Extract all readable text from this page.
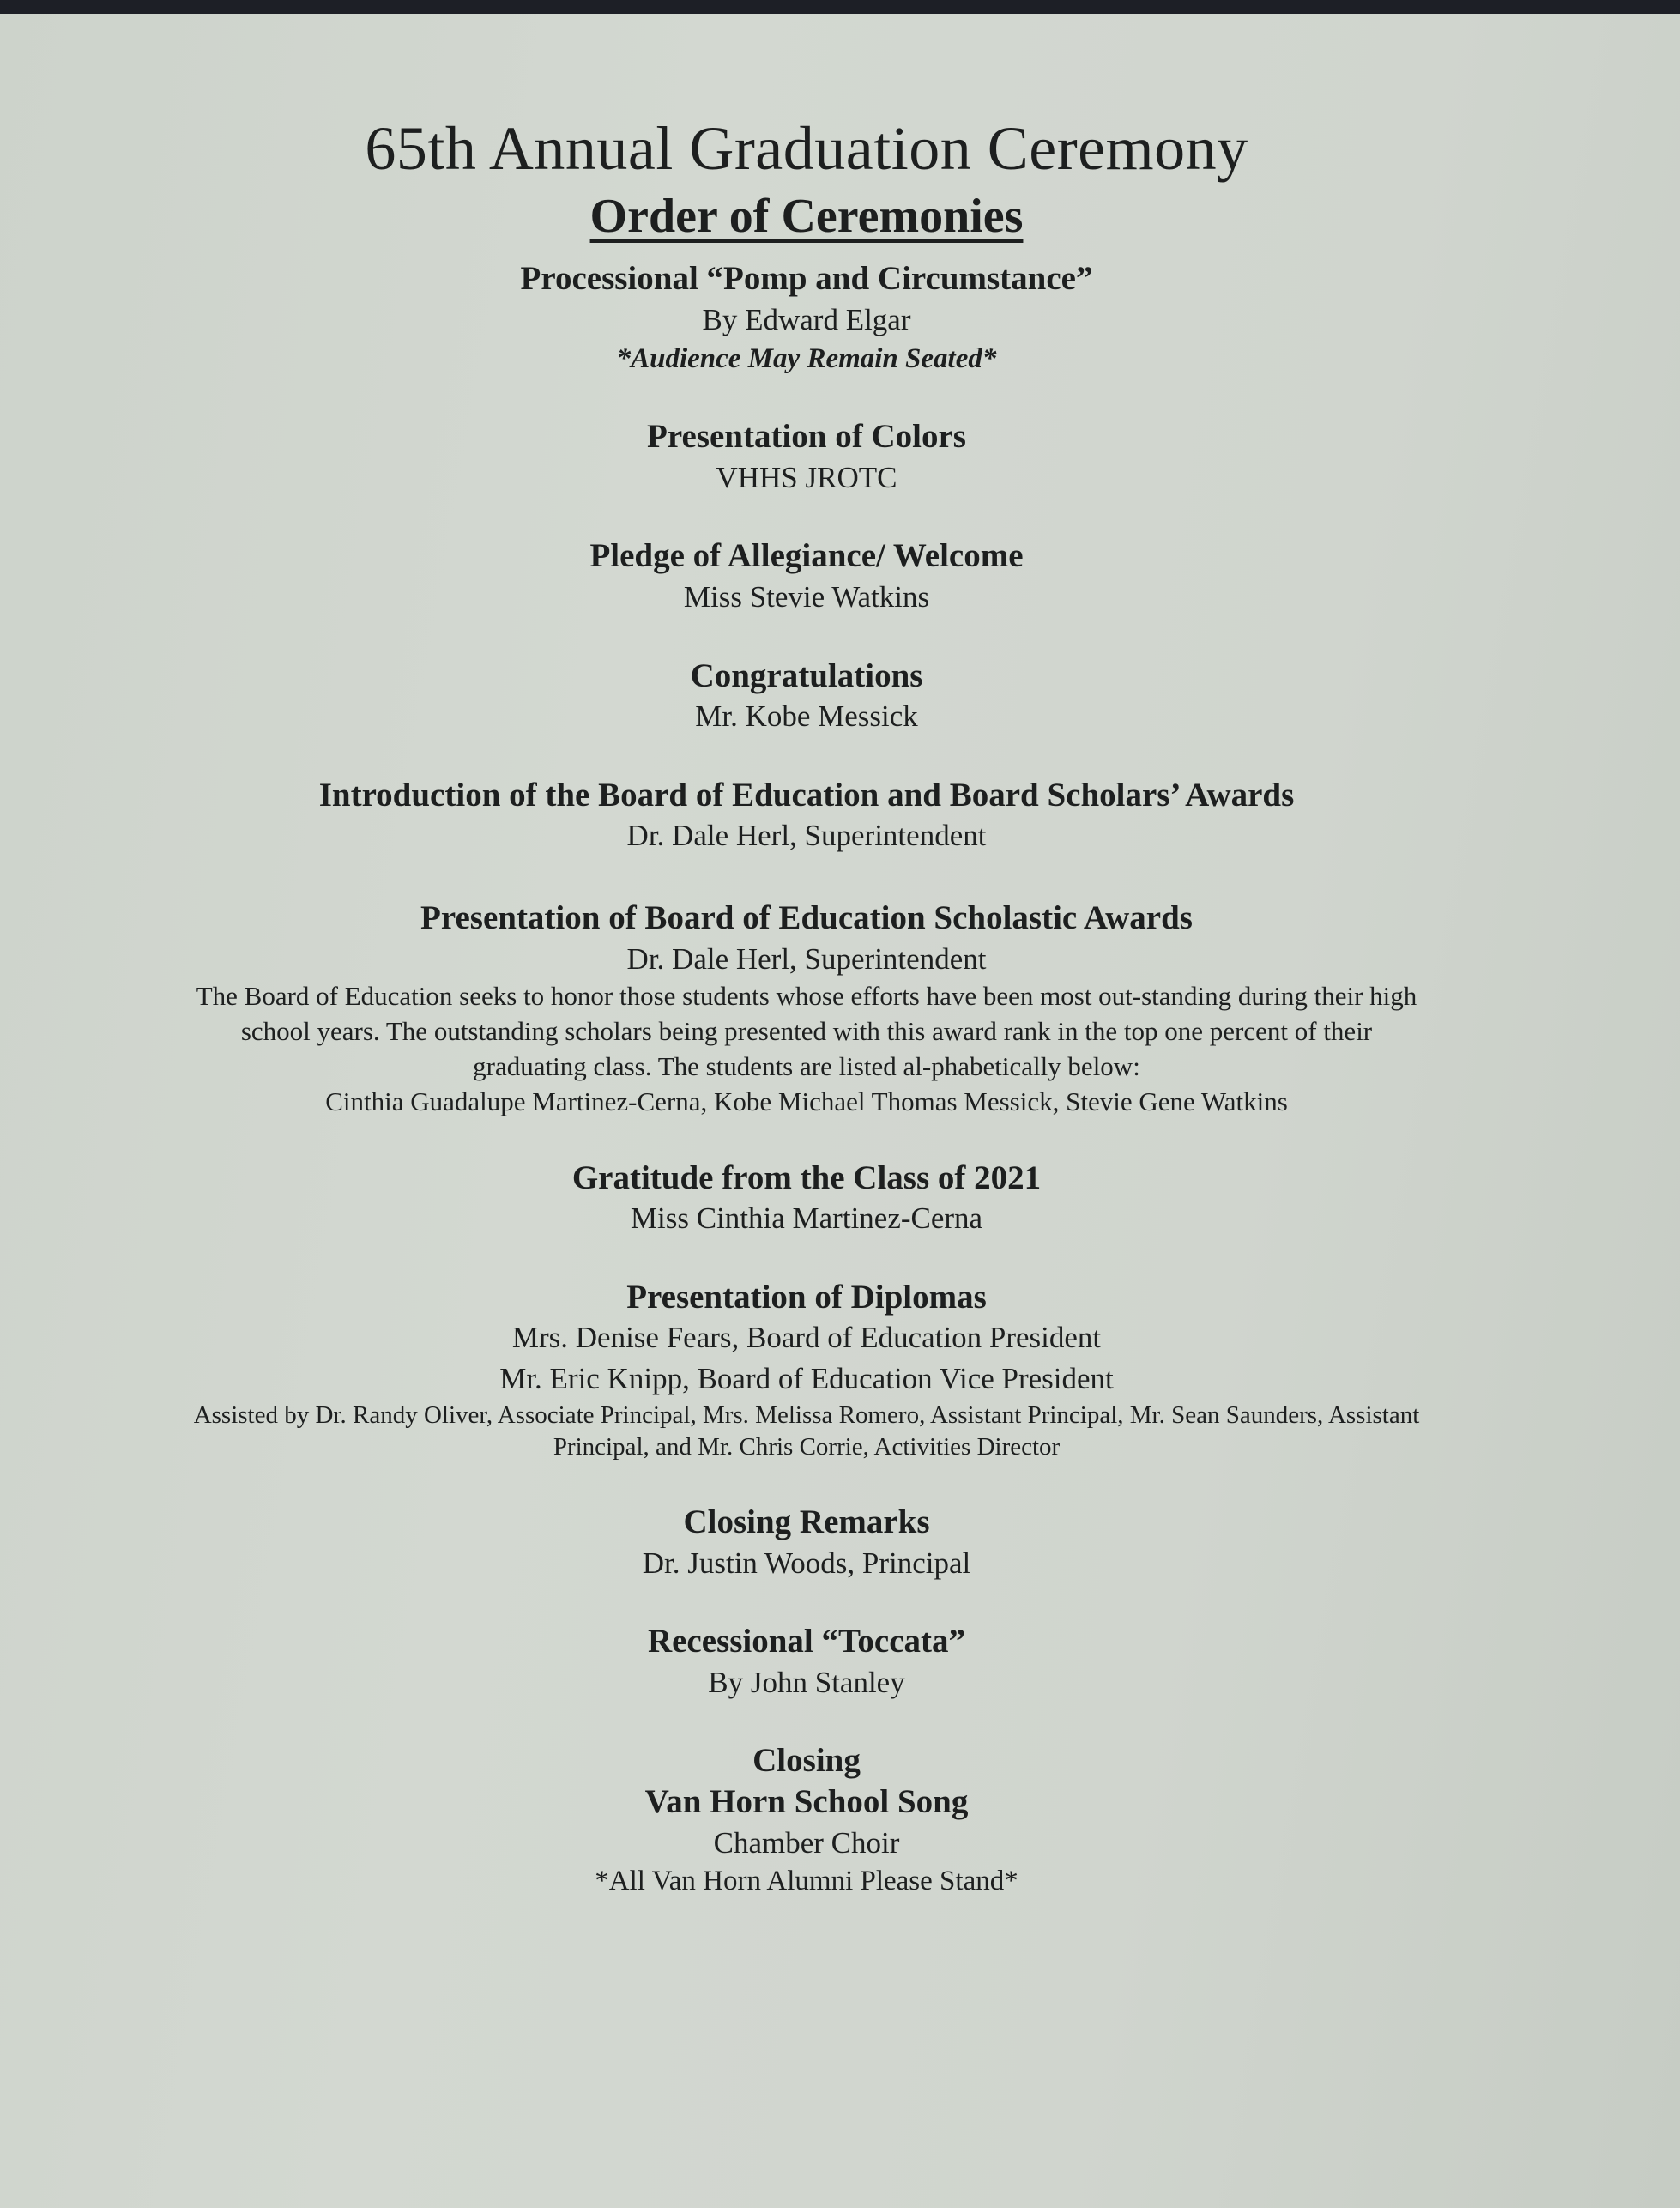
65th Annual Graduation Ceremony
Order of Ceremonies
Processional “Pomp and Circumstance”
By Edward Elgar
*Audience May Remain Seated*
Presentation of Colors
VHHS JROTC
Pledge of Allegiance/ Welcome
Miss Stevie Watkins
Congratulations
Mr. Kobe Messick
Introduction of the Board of Education and Board Scholars’ Awards
Dr. Dale Herl, Superintendent
Presentation of Board of Education Scholastic Awards
Dr. Dale Herl, Superintendent
The Board of Education seeks to honor those students whose efforts have been most out-standing during their high school years. The outstanding scholars being presented with this award rank in the top one percent of their graduating class. The students are listed al-phabetically below:
Cinthia Guadalupe Martinez-Cerna, Kobe Michael Thomas Messick, Stevie Gene Watkins
Gratitude from the Class of 2021
Miss Cinthia Martinez-Cerna
Presentation of Diplomas
Mrs. Denise Fears, Board of Education President
Mr. Eric Knipp, Board of Education Vice President
Assisted by Dr. Randy Oliver, Associate Principal, Mrs. Melissa Romero, Assistant Principal, Mr. Sean Saunders, Assistant Principal, and Mr. Chris Corrie, Activities Director
Closing Remarks
Dr. Justin Woods, Principal
Recessional “Toccata”
By John Stanley
Closing
Van Horn School Song
Chamber Choir
*All Van Horn Alumni Please Stand*
